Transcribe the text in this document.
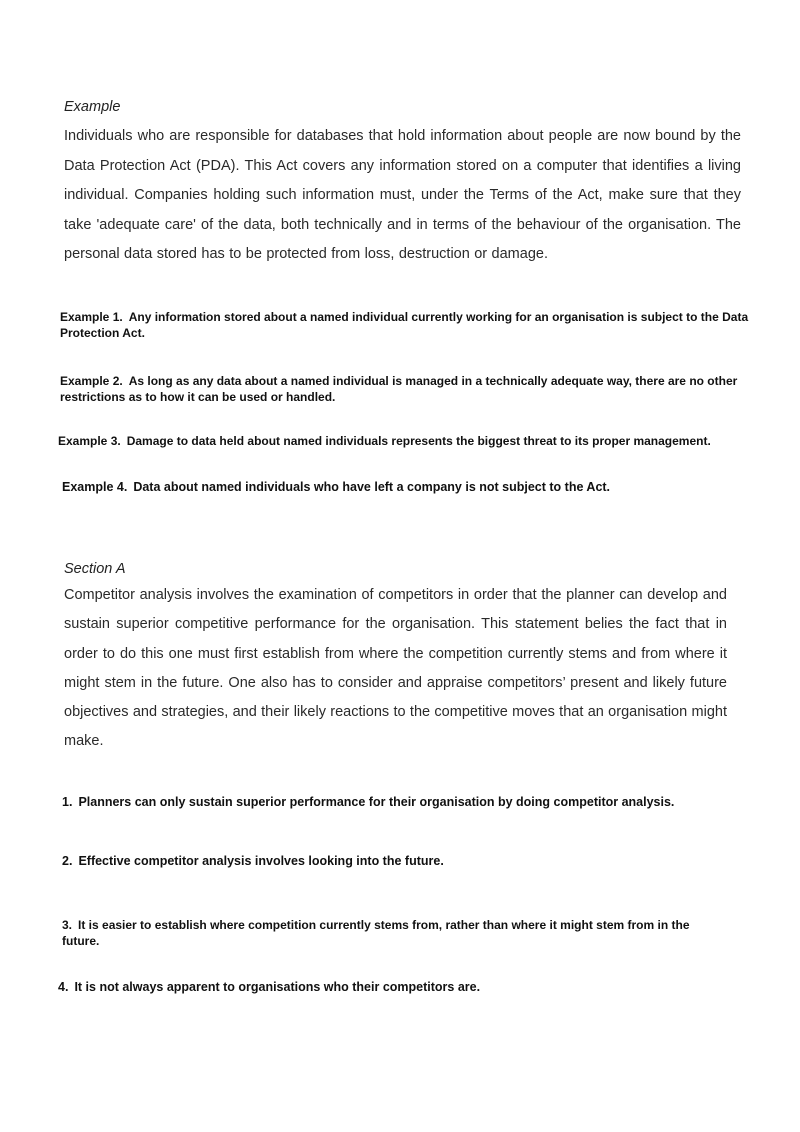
Example

Individuals who are responsible for databases that hold information about people are now bound by the Data Protection Act (PDA). This Act covers any information stored on a computer that identifies a living individual. Companies holding such information must, under the Terms of the Act, make sure that they take 'adequate care' of the data, both technically and in terms of the behaviour of the organisation. The personal data stored has to be protected from loss, destruction or damage.

Example 1. Any information stored about a named individual currently working for an organisation is subject to the Data Protection Act.

Example 2. As long as any data about a named individual is managed in a technically adequate way, there are no other restrictions as to how it can be used or handled.

Example 3. Damage to data held about named individuals represents the biggest threat to its proper management.

Example 4. Data about named individuals who have left a company is not subject to the Act.

Section A

Competitor analysis involves the examination of competitors in order that the planner can develop and sustain superior competitive performance for the organisation. This statement belies the fact that in order to do this one must first establish from where the competition currently stems and from where it might stem in the future. One also has to consider and appraise competitors’ present and likely future objectives and strategies, and their likely reactions to the competitive moves that an organisation might make.

1. Planners can only sustain superior performance for their organisation by doing competitor analysis.

2. Effective competitor analysis involves looking into the future.

3. It is easier to establish where competition currently stems from, rather than where it might stem from in the future.

4. It is not always apparent to organisations who their competitors are.
